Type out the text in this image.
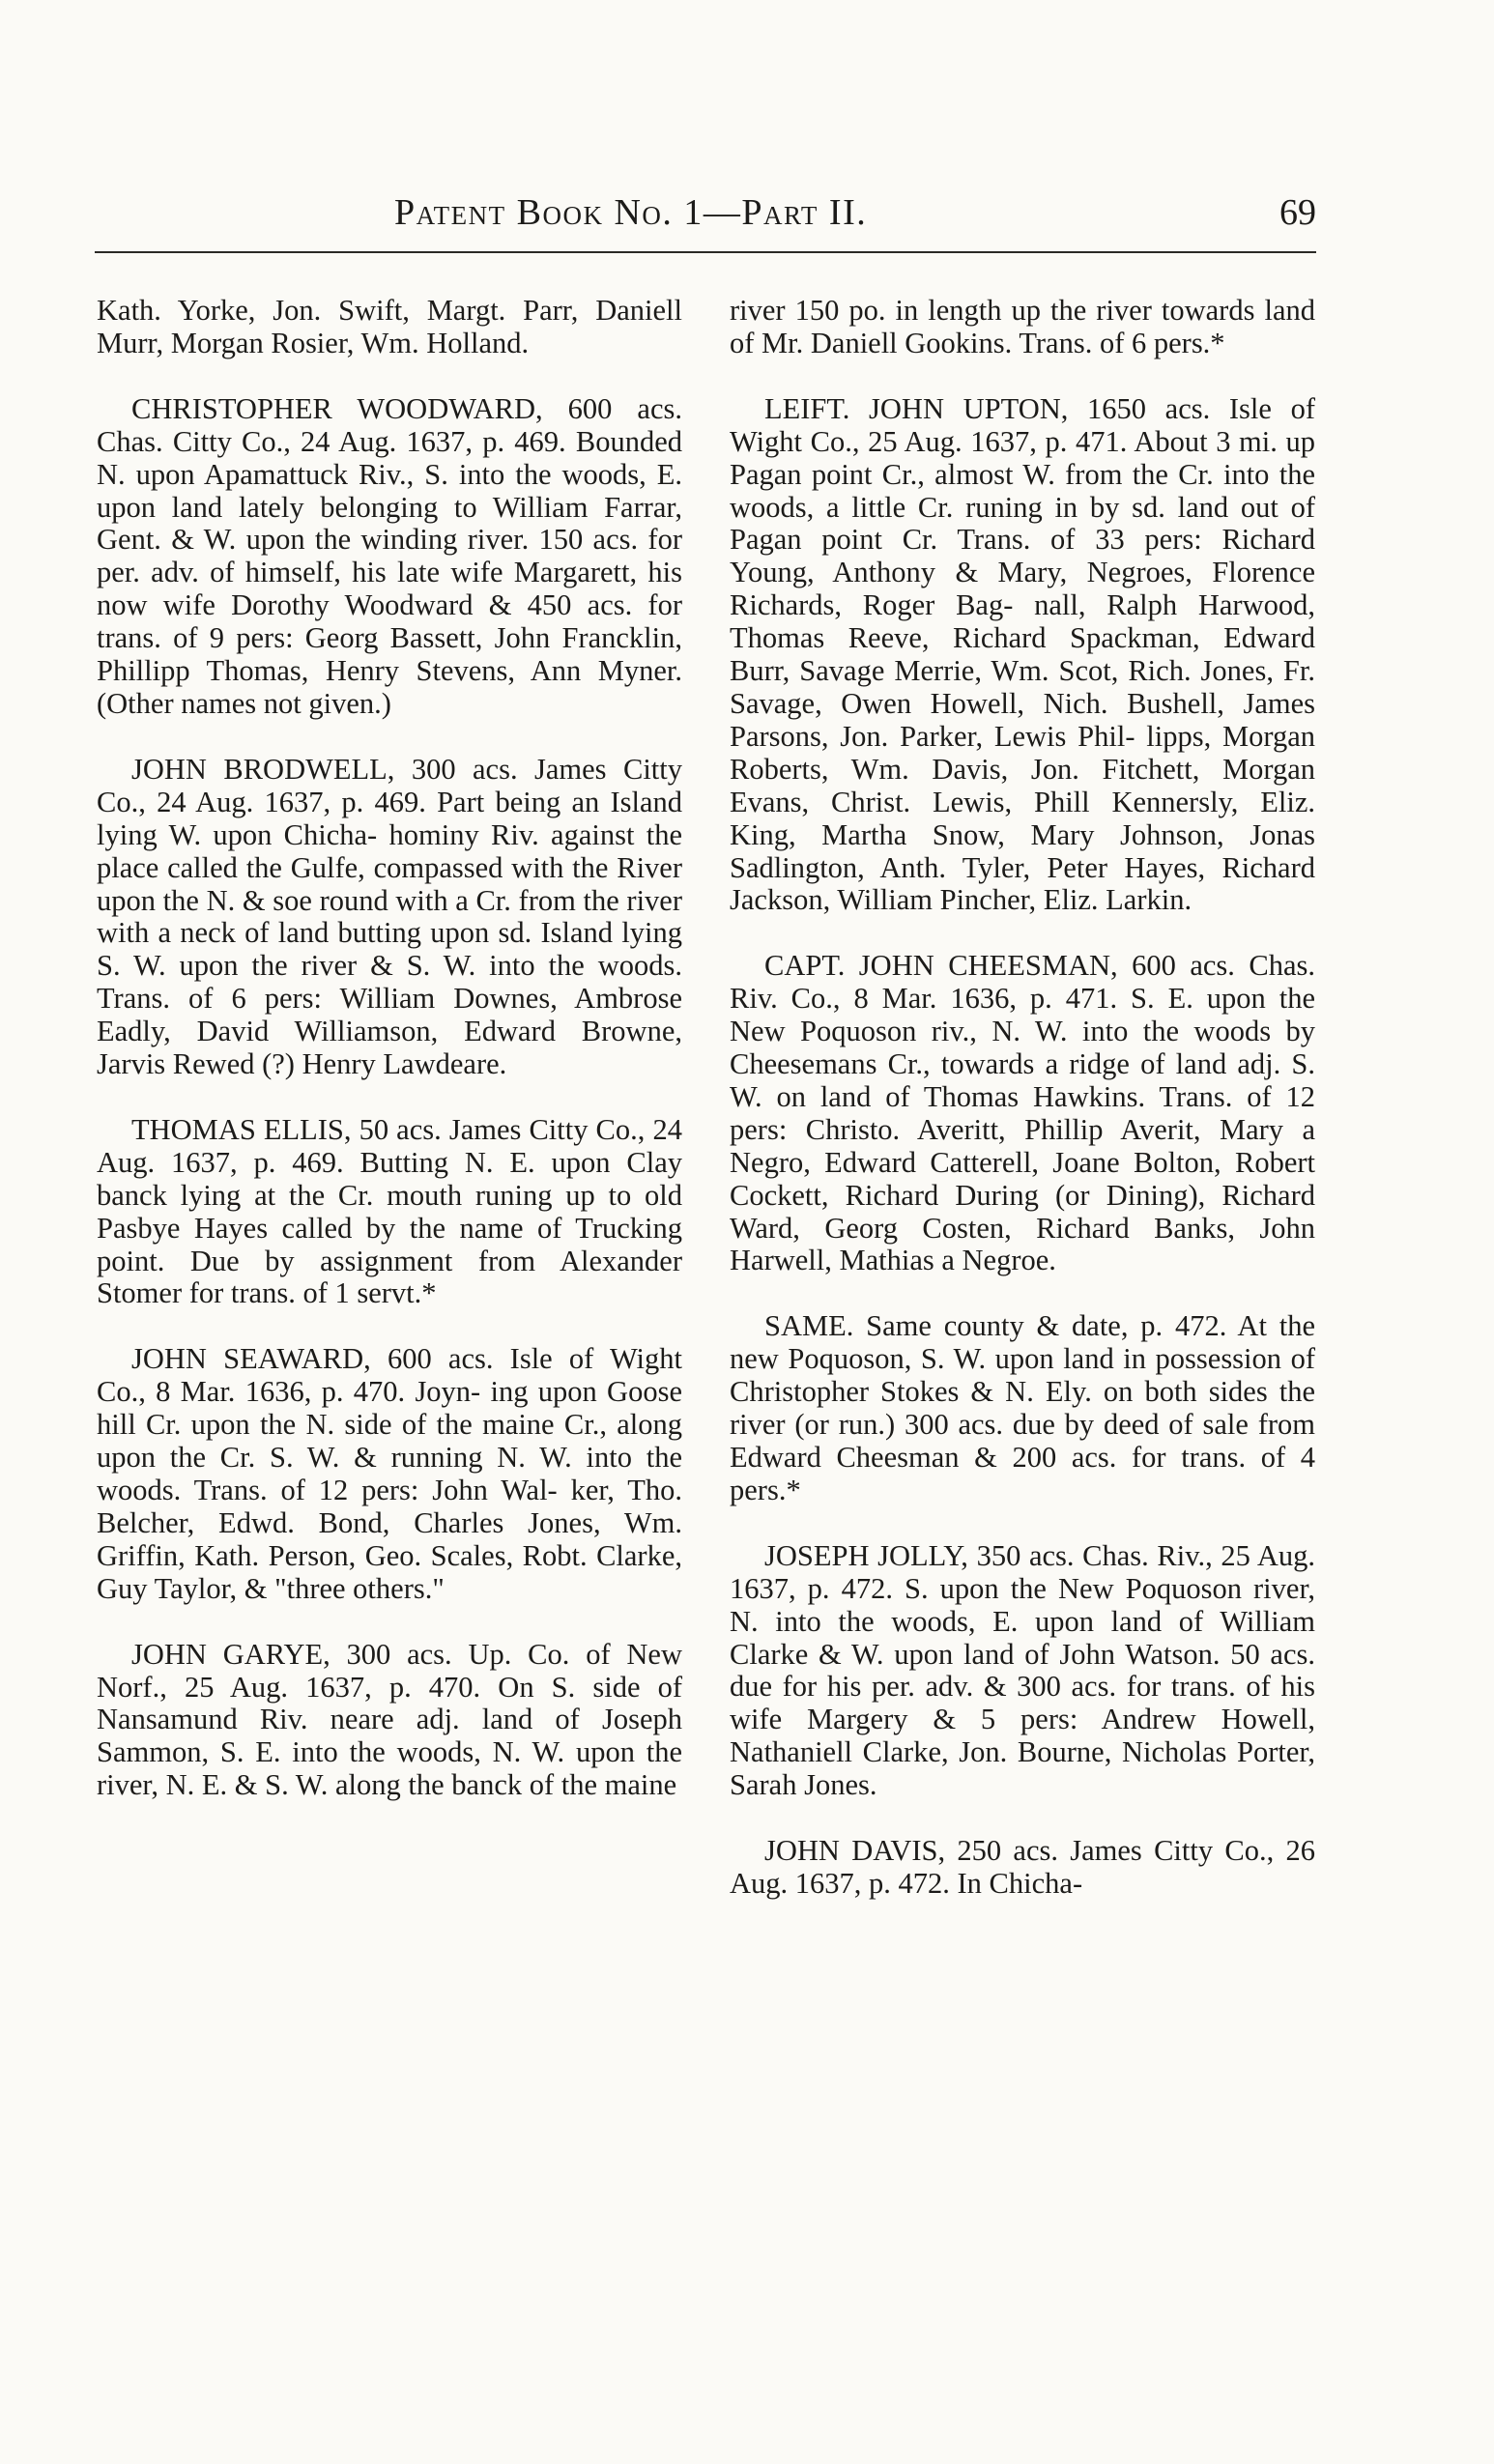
Patent Book No. 1—Part II.	69

Kath. Yorke, Jon. Swift, Margt. Parr, Daniell Murr, Morgan Rosier, Wm. Holland.

CHRISTOPHER WOODWARD, 600 acs. Chas. Citty Co., 24 Aug. 1637, p. 469. Bounded N. upon Apamattuck Riv., S. into the woods, E. upon land lately belonging to William Farrar, Gent. & W. upon the winding river. 150 acs. for per. adv. of himself, his late wife Margarett, his now wife Dorothy Woodward & 450 acs. for trans. of 9 pers: Georg Bassett, John Francklin, Phillipp Thomas, Henry Stevens, Ann Myner. (Other names not given.)

JOHN BRODWELL, 300 acs. James Citty Co., 24 Aug. 1637, p. 469. Part being an Island lying W. upon Chicha- hominy Riv. against the place called the Gulfe, compassed with the River upon the N. & soe round with a Cr. from the river with a neck of land butting upon sd. Island lying S. W. upon the river & S. W. into the woods. Trans. of 6 pers: William Downes, Ambrose Eadly, David Williamson, Edward Browne, Jarvis Rewed (?) Henry Lawdeare.

THOMAS ELLIS, 50 acs. James Citty Co., 24 Aug. 1637, p. 469. Butting N. E. upon Clay banck lying at the Cr. mouth runing up to old Pasbye Hayes called by the name of Trucking point. Due by assignment from Alexander Stomer for trans. of 1 servt.*

JOHN SEAWARD, 600 acs. Isle of Wight Co., 8 Mar. 1636, p. 470. Joyn- ing upon Goose hill Cr. upon the N. side of the maine Cr., along upon the Cr. S. W. & running N. W. into the woods. Trans. of 12 pers: John Wal- ker, Tho. Belcher, Edwd. Bond, Charles Jones, Wm. Griffin, Kath. Person, Geo. Scales, Robt. Clarke, Guy Taylor, & "three others."

JOHN GARYE, 300 acs. Up. Co. of New Norf., 25 Aug. 1637, p. 470. On S. side of Nansamund Riv. neare adj. land of Joseph Sammon, S. E. into the woods, N. W. upon the river, N. E. & S. W. along the banck of the maine

river 150 po. in length up the river towards land of Mr. Daniell Gookins. Trans. of 6 pers.*

LEIFT. JOHN UPTON, 1650 acs. Isle of Wight Co., 25 Aug. 1637, p. 471. About 3 mi. up Pagan point Cr., almost W. from the Cr. into the woods, a little Cr. runing in by sd. land out of Pagan point Cr. Trans. of 33 pers: Richard Young, Anthony & Mary, Negroes, Florence Richards, Roger Bag- nall, Ralph Harwood, Thomas Reeve, Richard Spackman, Edward Burr, Savage Merrie, Wm. Scot, Rich. Jones, Fr. Savage, Owen Howell, Nich. Bushell, James Parsons, Jon. Parker, Lewis Phil- lipps, Morgan Roberts, Wm. Davis, Jon. Fitchett, Morgan Evans, Christ. Lewis, Phill Kennersly, Eliz. King, Martha Snow, Mary Johnson, Jonas Sadlington, Anth. Tyler, Peter Hayes, Richard Jackson, William Pincher, Eliz. Larkin.

CAPT. JOHN CHEESMAN, 600 acs. Chas. Riv. Co., 8 Mar. 1636, p. 471. S. E. upon the New Poquoson riv., N. W. into the woods by Cheesemans Cr., towards a ridge of land adj. S. W. on land of Thomas Hawkins. Trans. of 12 pers: Christo. Averitt, Phillip Averit, Mary a Negro, Edward Catterell, Joane Bolton, Robert Cockett, Richard During (or Dining), Richard Ward, Georg Costen, Richard Banks, John Harwell, Mathias a Negroe.

SAME. Same county & date, p. 472. At the new Poquoson, S. W. upon land in possession of Christopher Stokes & N. Ely. on both sides the river (or run.) 300 acs. due by deed of sale from Edward Cheesman & 200 acs. for trans. of 4 pers.*

JOSEPH JOLLY, 350 acs. Chas. Riv., 25 Aug. 1637, p. 472. S. upon the New Poquoson river, N. into the woods, E. upon land of William Clarke & W. upon land of John Watson. 50 acs. due for his per. adv. & 300 acs. for trans. of his wife Margery & 5 pers: Andrew Howell, Nathaniell Clarke, Jon. Bourne, Nicholas Porter, Sarah Jones.

JOHN DAVIS, 250 acs. James Citty Co., 26 Aug. 1637, p. 472. In Chicha-
